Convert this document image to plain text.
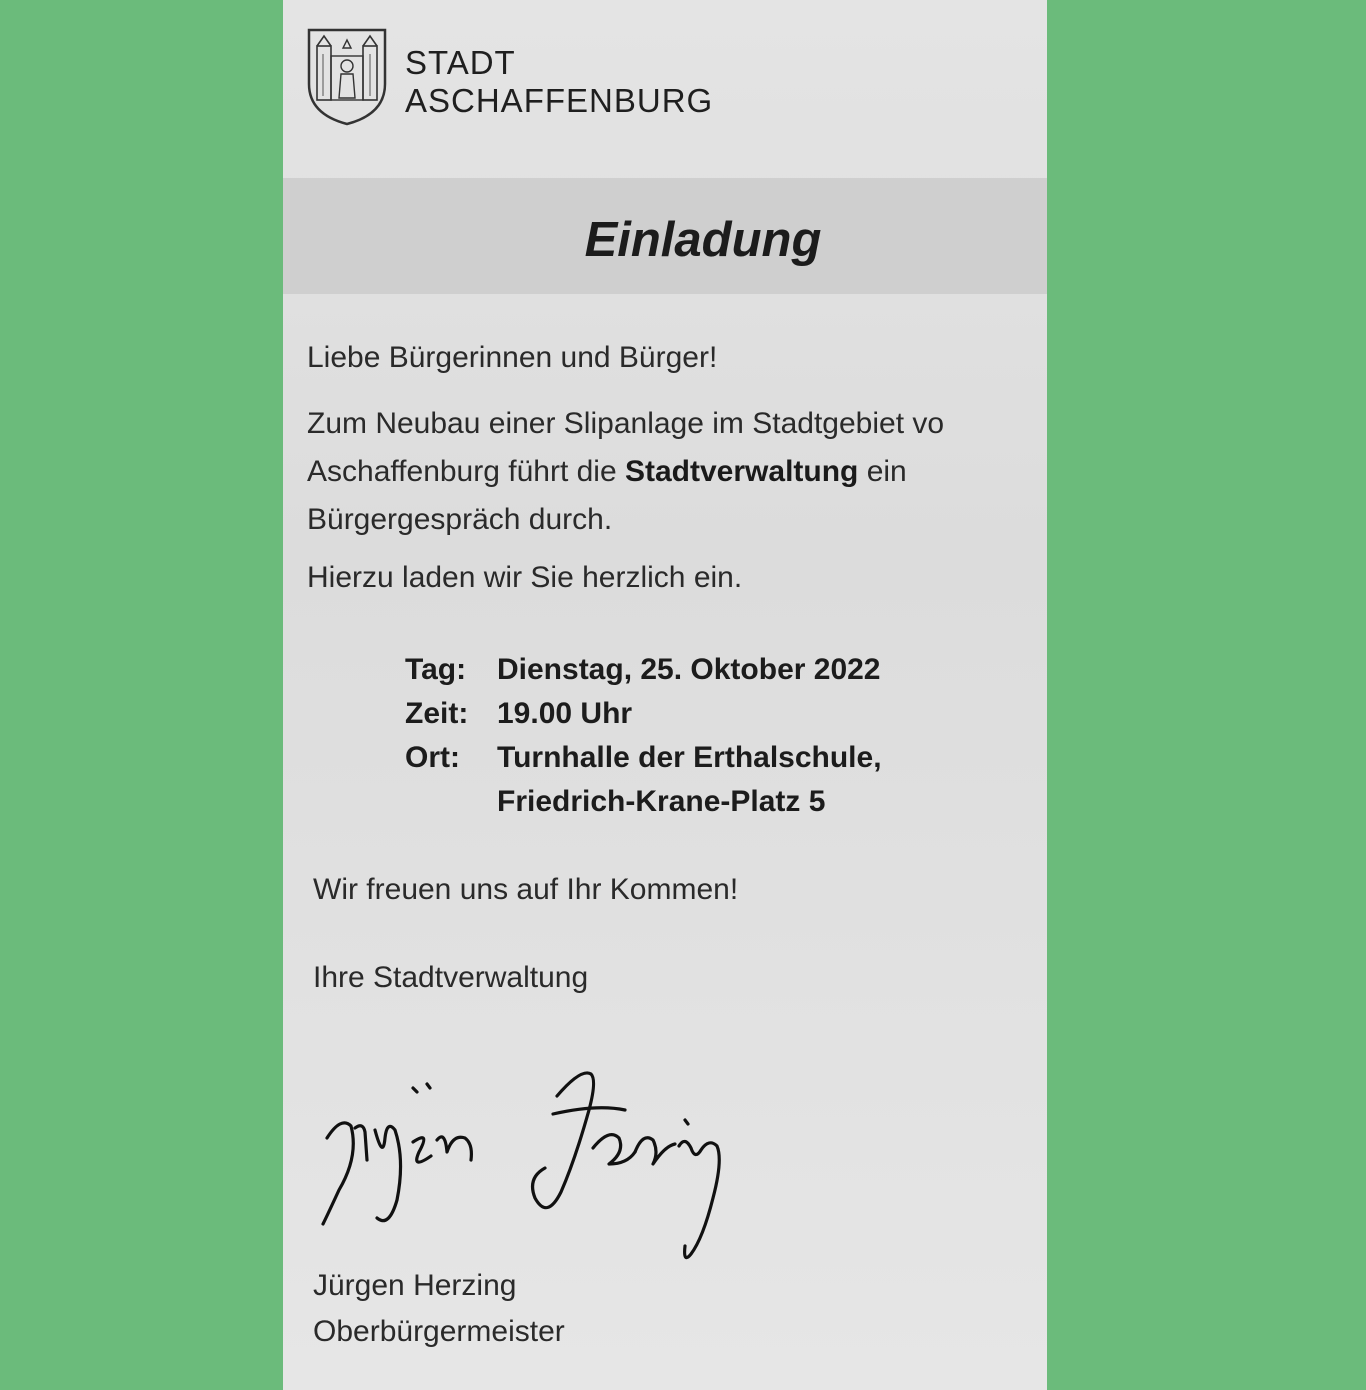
STADT
ASCHAFFENBURG
Einladung

Liebe Bürgerinnen und Bürger!

Zum Neubau einer Slipanlage im Stadtgebiet vo

Aschaffenburg führt die Stadtverwaltung ein

Bürgergespräch durch.

Hierzu laden wir Sie herzlich ein.

Tag:	Dienstag, 25. Oktober 2022
Zeit: 19.00 Uhr
Ort:	Turnhalle der Erthalschule,
Friedrich-Krane-Platz 5

Wir freuen uns auf Ihr Kommen!

Ihre Stadtverwaltung

Jürgen Herzing

Oberbürgermeister
